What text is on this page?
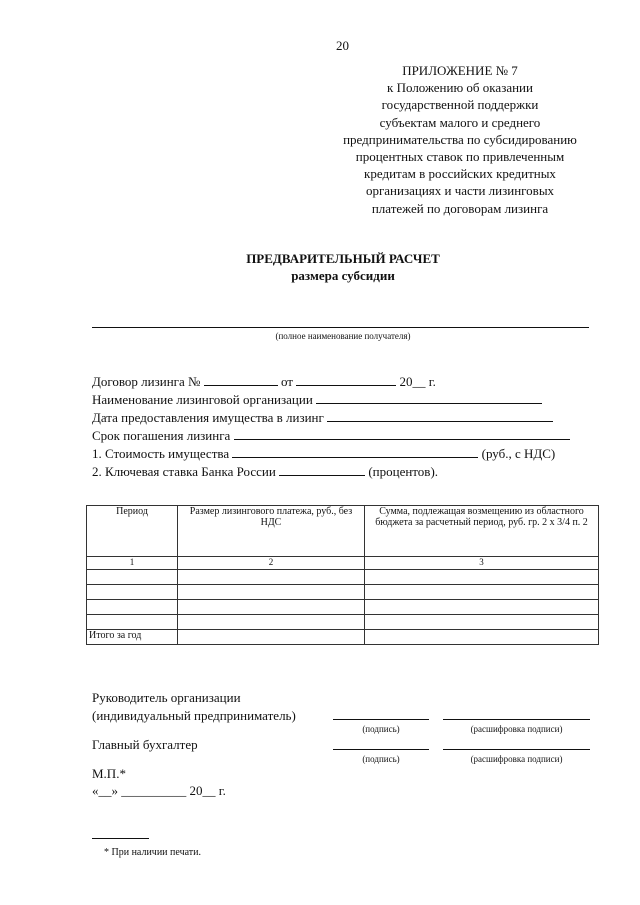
20
ПРИЛОЖЕНИЕ № 7
к Положению об оказании
государственной поддержки
субъектам малого и среднего
предпринимательства по субсидированию
процентных ставок по привлеченным
кредитам в российских кредитных
организациях и части лизинговых
платежей по договорам лизинга
ПРЕДВАРИТЕЛЬНЫЙ РАСЧЕТ
размера субсидии
(полное наименование получателя)
Договор лизинга №	от	20__ г.
Наименование лизинговой организации
Дата предоставления имущества в лизинг
Срок погашения лизинга
1. Стоимость имущества	(руб., с НДС)
2. Ключевая ставка Банка России	(процентов).
Период	Размер лизингового платежа, руб., без НДС	Сумма, подлежащая возмещению из областного бюджета за расчетный период, руб. гр. 2 х 3/4 п. 2
1	2	3

Итого за год		
Руководитель организации
(индивидуальный предприниматель)
(подпись)	(расшифровка подписи)
Главный бухгалтер
(подпись)	(расшифровка подписи)
М.П.*
«__» __________ 20__ г.
* При наличии печати.
